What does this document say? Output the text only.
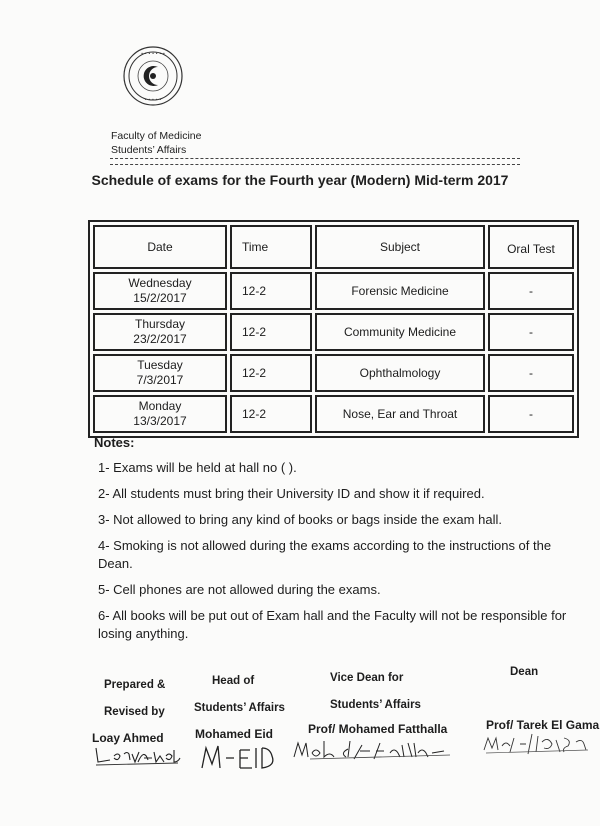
• • • • • • •
• • • • •
Faculty of Medicine
Students’ Affairs
Schedule of exams for the Fourth year (Modern) Mid-term 2017
Date	Time	Subject	Oral Test
Wednesday
15/2/2017	12-2	Forensic Medicine	-
Thursday
23/2/2017	12-2	Community Medicine	-
Tuesday
7/3/2017	12-2	Ophthalmology	-
Monday
13/3/2017	12-2	Nose, Ear and Throat	-
Notes:

1- Exams will be held at hall no ( ).

2- All students must bring their University ID and show it if required.

3- Not allowed to bring any kind of books or bags inside the exam hall.

4- Smoking is not allowed during the exams according to the instructions of the Dean.

5- Cell phones are not allowed during the exams.

6- All books will be put out of Exam hall and the Faculty will not be responsible for losing anything.

Prepared &
Revised by
Head of
Students’ Affairs
Vice Dean for
Students’ Affairs
Dean
Loay Ahmed	Mohamed Eid	Prof/ Mohamed Fatthalla	Prof/ Tarek El Gama
